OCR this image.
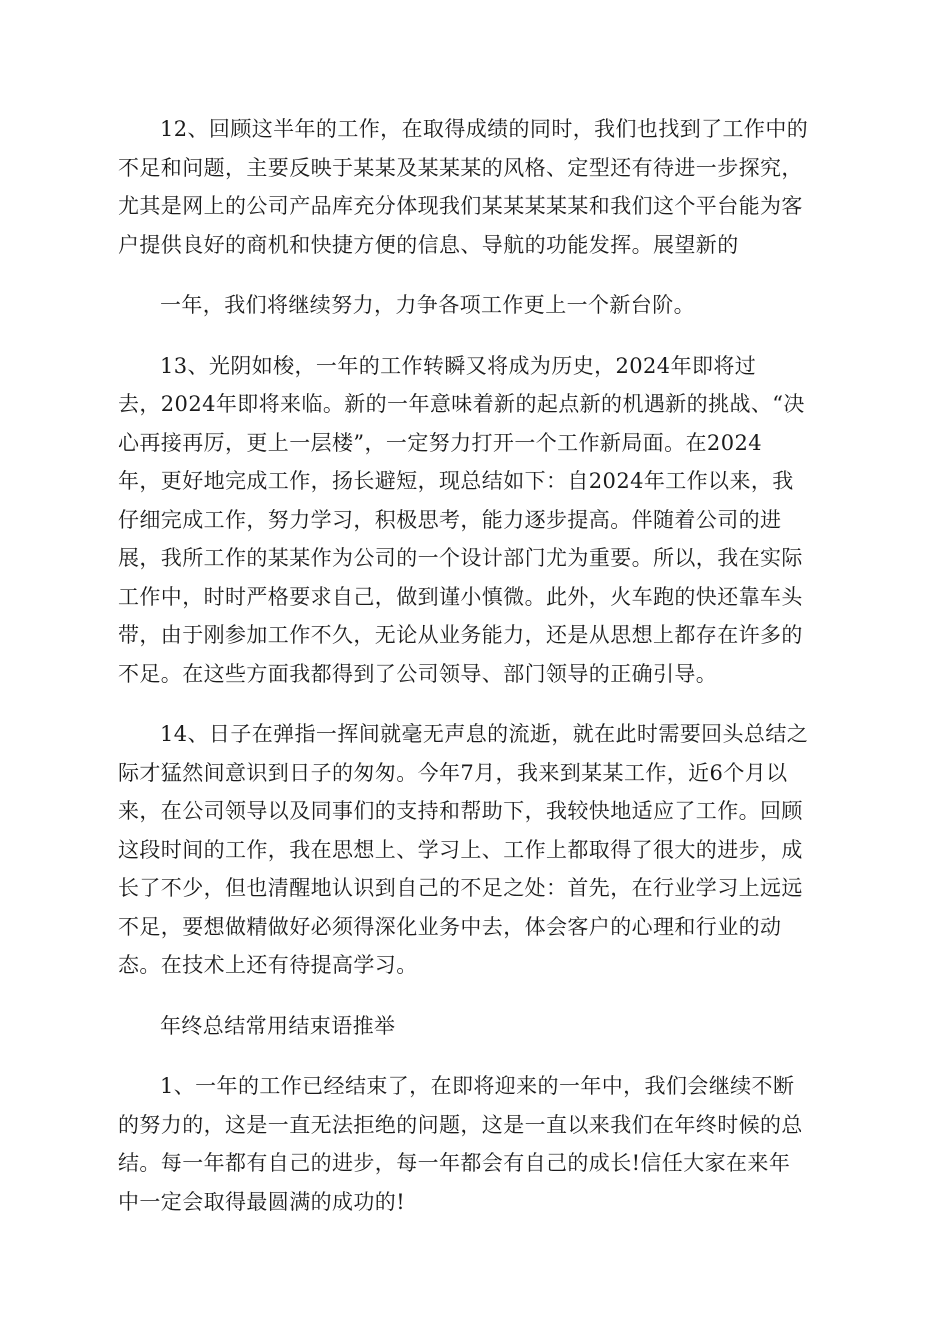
12、回顾这半年的工作，在取得成绩的同时，我们也找到了工作中的
不足和问题，主要反映于某某及某某某的风格、定型还有待进一步探究，
尤其是网上的公司产品库充分体现我们某某某某某和我们这个平台能为客
户提供良好的商机和快捷方便的信息、导航的功能发挥。展望新的

一年，我们将继续努力，力争各项工作更上一个新台阶。

13、光阴如梭，一年的工作转瞬又将成为历史，2024年即将过
去，2024年即将来临。新的一年意味着新的起点新的机遇新的挑战、“决
心再接再厉，更上一层楼”，一定努力打开一个工作新局面。在2024
年，更好地完成工作，扬长避短，现总结如下：自2024年工作以来，我
仔细完成工作，努力学习，积极思考，能力逐步提高。伴随着公司的进
展，我所工作的某某作为公司的一个设计部门尤为重要。所以，我在实际
工作中，时时严格要求自己，做到谨小慎微。此外，火车跑的快还靠车头
带，由于刚参加工作不久，无论从业务能力，还是从思想上都存在许多的
不足。在这些方面我都得到了公司领导、部门领导的正确引导。

14、日子在弹指一挥间就毫无声息的流逝，就在此时需要回头总结之
际才猛然间意识到日子的匆匆。今年7月，我来到某某工作，近6个月以
来，在公司领导以及同事们的支持和帮助下，我较快地适应了工作。回顾
这段时间的工作，我在思想上、学习上、工作上都取得了很大的进步，成
长了不少，但也清醒地认识到自己的不足之处：首先，在行业学习上远远
不足，要想做精做好必须得深化业务中去，体会客户的心理和行业的动
态。在技术上还有待提高学习。

年终总结常用结束语推举

1、一年的工作已经结束了，在即将迎来的一年中，我们会继续不断
的努力的，这是一直无法拒绝的问题，这是一直以来我们在年终时候的总
结。每一年都有自己的进步，每一年都会有自己的成长!信任大家在来年
中一定会取得最圆满的成功的!
